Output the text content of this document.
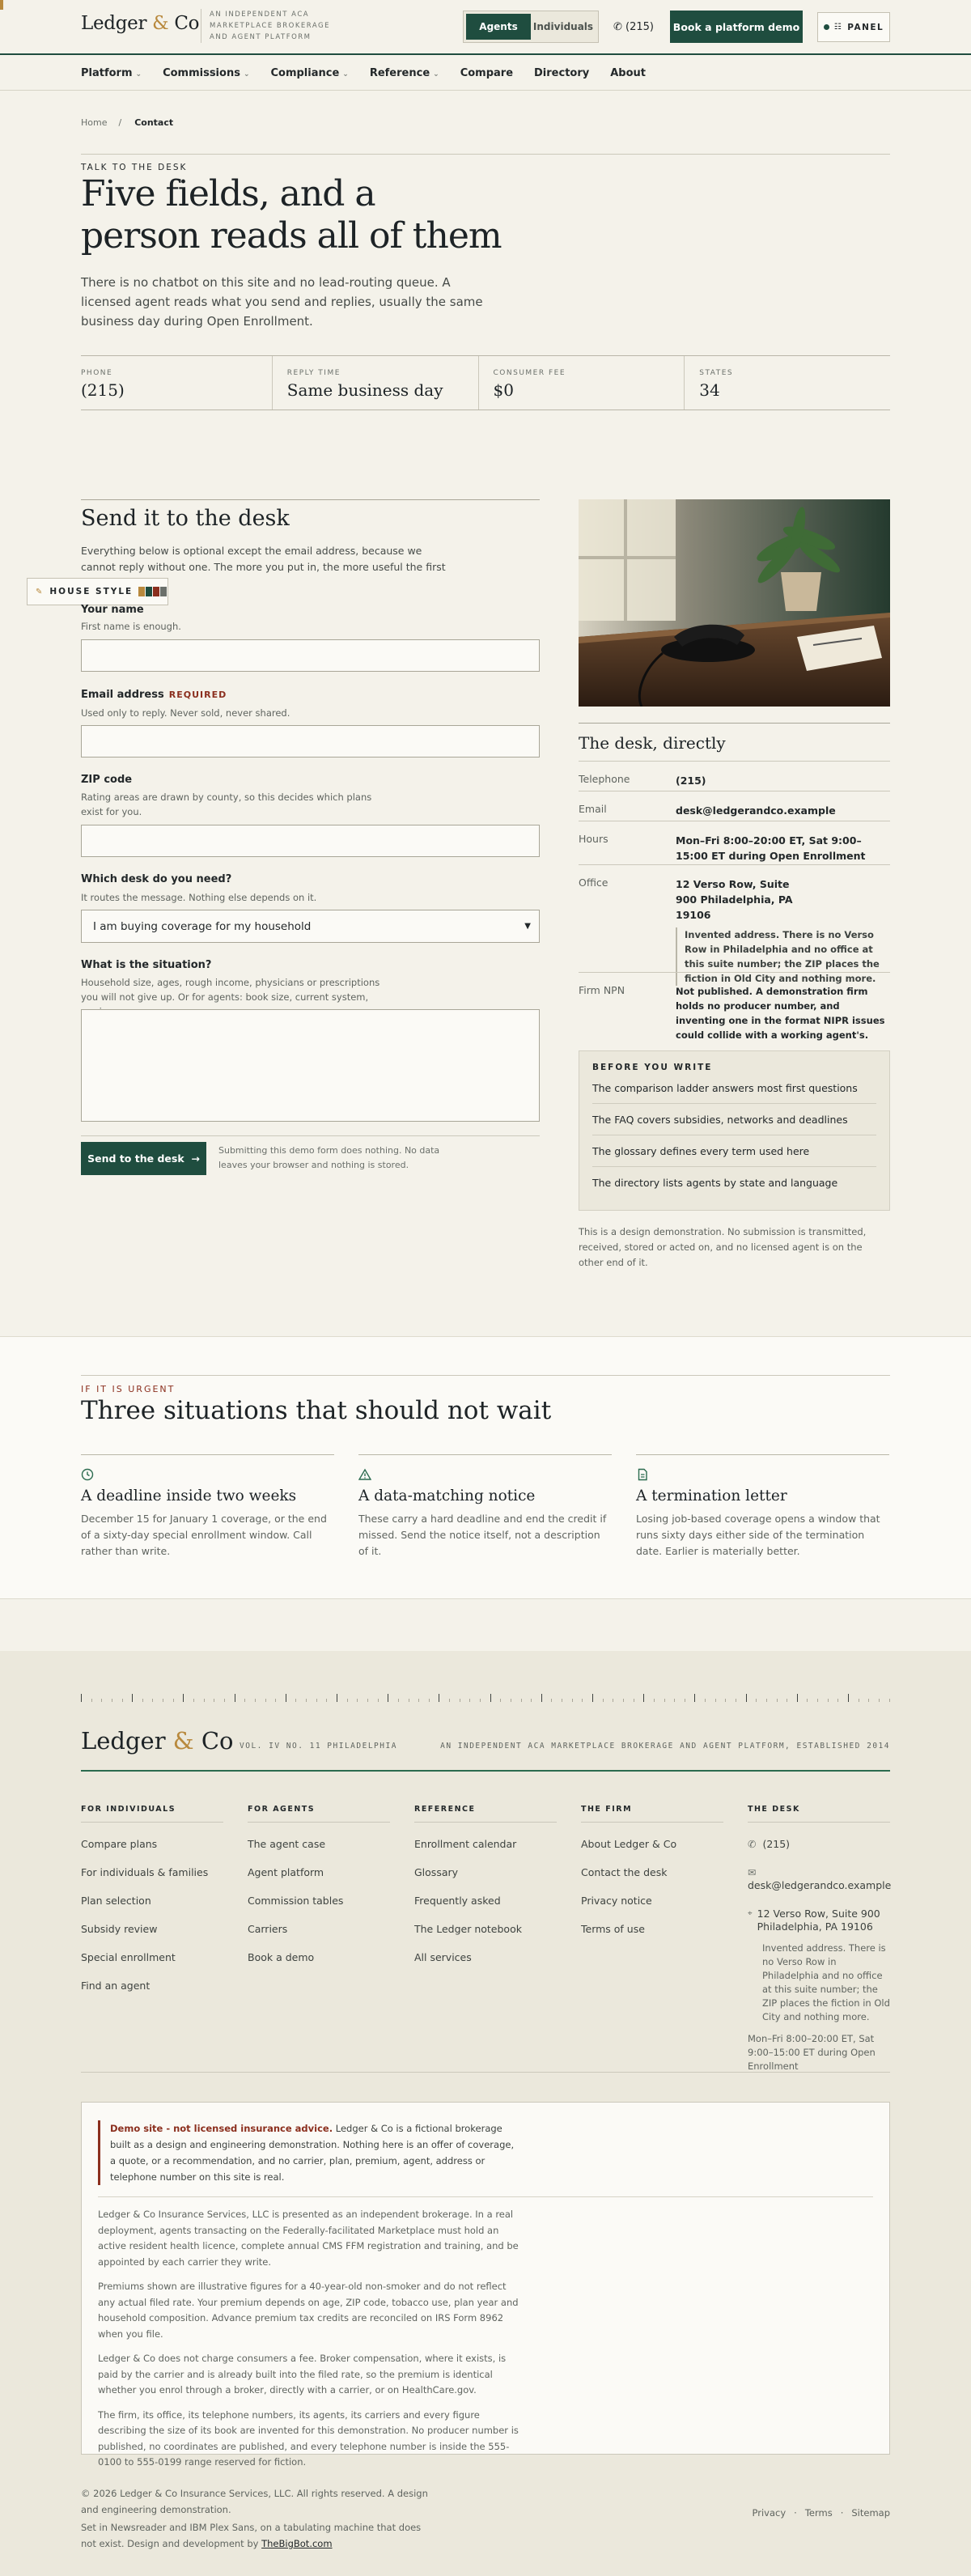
Ledger & Co	AN INDEPENDENT ACA MARKETPLACE BROKERAGE AND AGENT PLATFORM
Agents	Individuals ✆ (215)	Book a platform demo	☷ PANEL
Platform ⌄ Commissions ⌄ Compliance ⌄ Reference ⌄ Compare Directory About
Home / Contact
TALK TO THE DESK
Five fields, and a
person reads all of them
There is no chatbot on this site and no lead-routing queue. A licensed agent reads what you send and replies, usually the same business day during Open Enrollment.
PHONE
(215)
REPLY TIME
Same business day
CONSUMER FEE
$0
STATES
34
Send it to the desk
Everything below is optional except the email address, because we cannot reply without one. The more you put in, the more useful the first
✎ HOUSE STYLE
Your name
First name is enough.
Email address REQUIRED
Used only to reply. Never sold, never shared.
ZIP code
Rating areas are drawn by county, so this decides which plans exist for you.
Which desk do you need?
It routes the message. Nothing else depends on it.
I am buying coverage for my household	▼
What is the situation?
Household size, ages, rough income, physicians or prescriptions you will not give up. Or for agents: book size, current system,
Send to the desk
→
Submitting this demo form does nothing. No data leaves your browser and nothing is stored.
The desk, directly
Telephone	(215)
Email	desk@ledgerandco.example
Hours	Mon–Fri 8:00–20:00 ET, Sat 9:00–15:00 ET during Open Enrollment
Office	12 Verso Row, Suite 900 Philadelphia, PA 19106
Invented address. There is no Verso Row in Philadelphia and no office at this suite number; the ZIP places the fiction in Old City and nothing more.
Firm NPN	Not published. A demonstration firm holds no producer number, and inventing one in the format NIPR issues could collide with a working agent's.
BEFORE YOU WRITE
The comparison ladder answers most first questions
The FAQ covers subsidies, networks and deadlines
The glossary defines every term used here
The directory lists agents by state and language
This is a design demonstration. No submission is transmitted, received, stored or acted on, and no licensed agent is on the other end of it.
IF IT IS URGENT
Three situations that should not wait
A deadline inside two weeks
December 15 for January 1 coverage, or the end of a sixty-day special enrollment window. Call rather than write.
A data-matching notice
These carry a hard deadline and end the credit if missed. Send the notice itself, not a description of it.
A termination letter
Losing job-based coverage opens a window that runs sixty days either side of the termination date. Earlier is materially better.
Ledger & Co VOL. IV NO. 11 PHILADELPHIA	AN INDEPENDENT ACA MARKETPLACE BROKERAGE AND AGENT PLATFORM, ESTABLISHED 2014
FOR INDIVIDUALS
Compare plans
For individuals & families
Plan selection
Subsidy review
Special enrollment
Find an agent
FOR AGENTS
The agent case
Agent platform
Commission tables
Carriers
Book a demo
REFERENCE
Enrollment calendar
Glossary
Frequently asked
The Ledger notebook
All services
THE FIRM
About Ledger & Co
Contact the desk
Privacy notice
Terms of use
THE DESK
✆ (215)
✉ desk@ledgerandco.example
⌖ 12 Verso Row, Suite 900 Philadelphia, PA 19106
Invented address. There is no Verso Row in Philadelphia and no office at this suite number; the ZIP places the fiction in Old City and nothing more.
Mon–Fri 8:00–20:00 ET, Sat 9:00–15:00 ET during Open Enrollment
Demo site - not licensed insurance advice. Ledger & Co is a fictional brokerage built as a design and engineering demonstration. Nothing here is an offer of coverage, a quote, or a recommendation, and no carrier, plan, premium, agent, address or telephone number on this site is real.

Ledger & Co Insurance Services, LLC is presented as an independent brokerage. In a real deployment, agents transacting on the Federally-facilitated Marketplace must hold an active resident health licence, complete annual CMS FFM registration and training, and be appointed by each carrier they write.

Premiums shown are illustrative figures for a 40-year-old non-smoker and do not reflect any actual filed rate. Your premium depends on age, ZIP code, tobacco use, plan year and household composition. Advance premium tax credits are reconciled on IRS Form 8962 when you file.

Ledger & Co does not charge consumers a fee. Broker compensation, where it exists, is paid by the carrier and is already built into the filed rate, so the premium is identical whether you enrol through a broker, directly with a carrier, or on HealthCare.gov.

The firm, its office, its telephone numbers, its agents, its carriers and every figure describing the size of its book are invented for this demonstration. No producer number is published, no coordinates are published, and every telephone number is inside the 555-0100 to 555-0199 range reserved for fiction.

© 2026 Ledger & Co Insurance Services, LLC. All rights reserved. A design and engineering demonstration.
Set in Newsreader and IBM Plex Sans, on a tabulating machine that does not exist. Design and development by TheBigBot.com
Privacy · Terms · Sitemap
